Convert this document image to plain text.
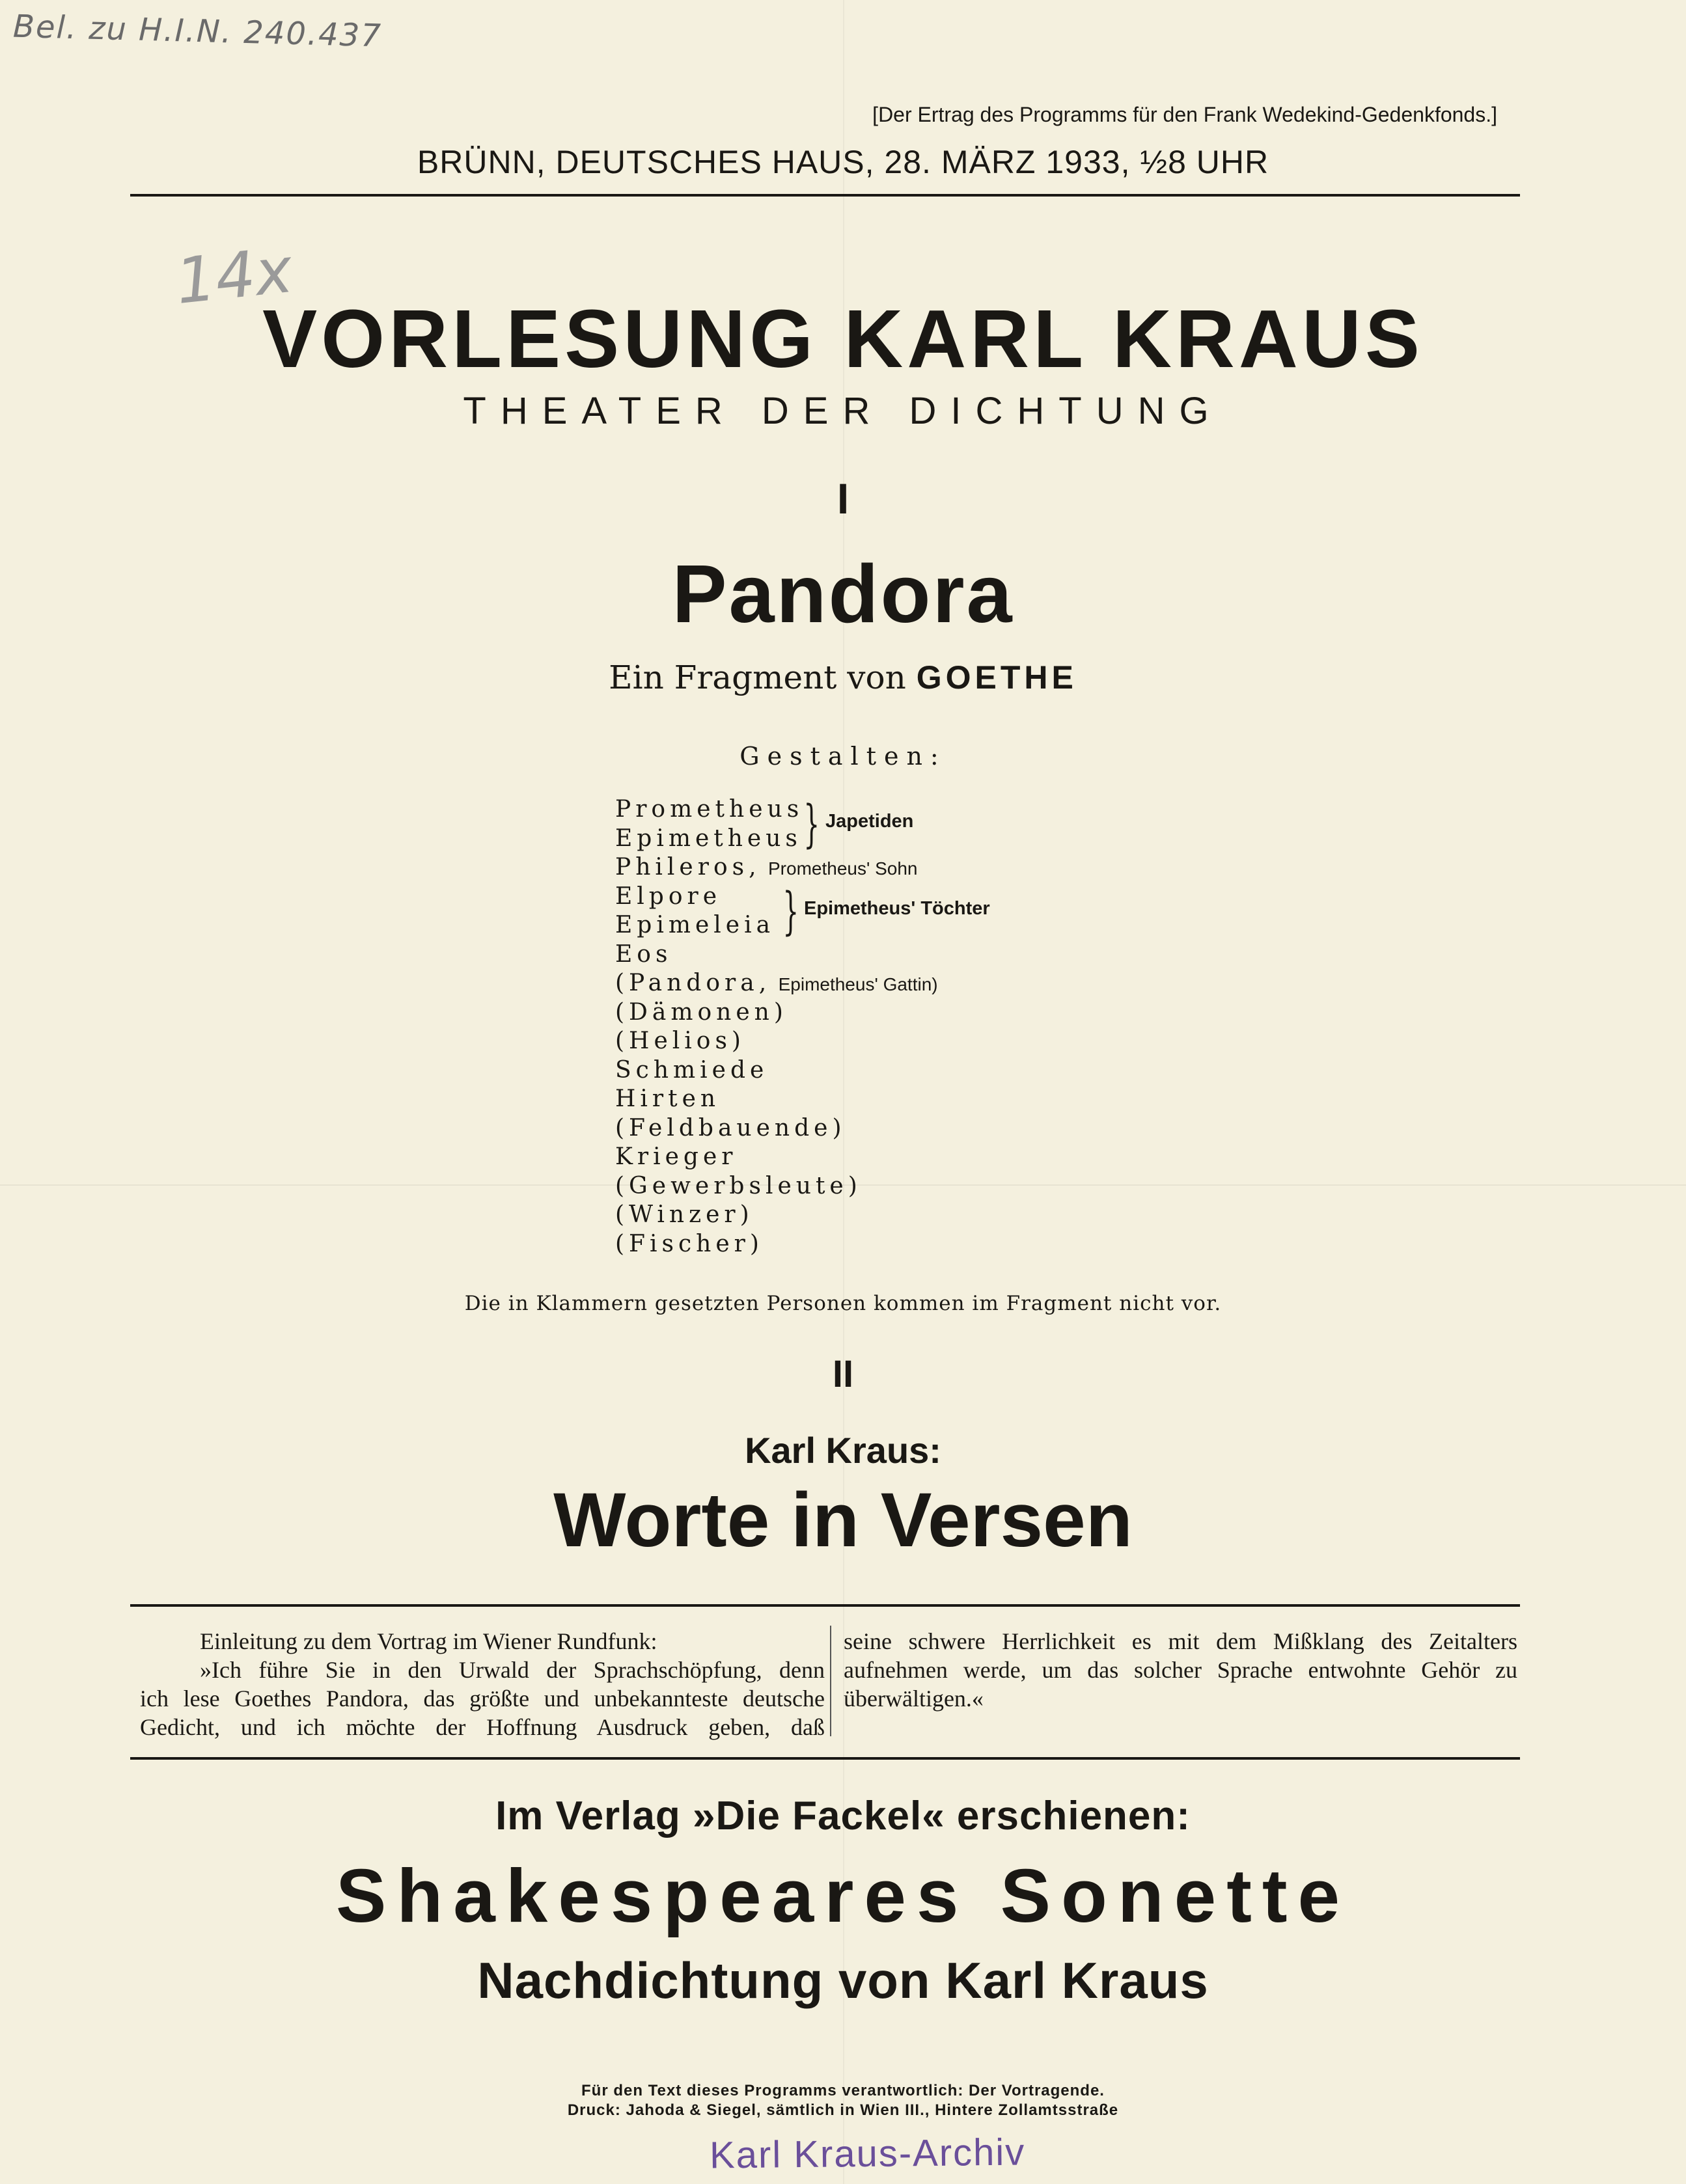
Bel. zu H.I.N. 240.437
14x
[Der Ertrag des Programms für den Frank Wedekind-Gedenkfonds.]
BRÜNN, DEUTSCHES HAUS, 28. MÄRZ 1933, ½8 UHR
VORLESUNG KARL KRAUS
THEATER DER DICHTUNG
I
Pandora
Ein Fragment von GOETHE
Gestalten:
Prometheus
Epimetheus
Phileros, Prometheus' Sohn
Elpore
Epimeleia
Eos
(Pandora, Epimetheus' Gattin)
(Dämonen)
(Helios)
Schmiede
Hirten
(Feldbauende)
Krieger
(Gewerbsleute)
(Winzer)
(Fischer)
} Japetiden
} Epimetheus' Töchter
Die in Klammern gesetzten Personen kommen im Fragment nicht vor.
II
Karl Kraus:
Worte in Versen
Einleitung zu dem Vortrag im Wiener Rundfunk:
»Ich führe Sie in den Urwald der Sprachschöpfung, denn
ich lese Goethes Pandora, das größte und unbekannteste deutsche
Gedicht, und ich möchte der Hoffnung Ausdruck geben, daß
seine schwere Herrlichkeit es mit dem Mißklang des Zeitalters
aufnehmen werde, um das solcher Sprache entwohnte Gehör zu
überwältigen.«
Im Verlag »Die Fackel« erschienen:
Shakespeares Sonette
Nachdichtung von Karl Kraus
Für den Text dieses Programms verantwortlich: Der Vortragende.
Druck: Jahoda & Siegel, sämtlich in Wien III., Hintere Zollamtsstraße
Karl Kraus-Archiv
